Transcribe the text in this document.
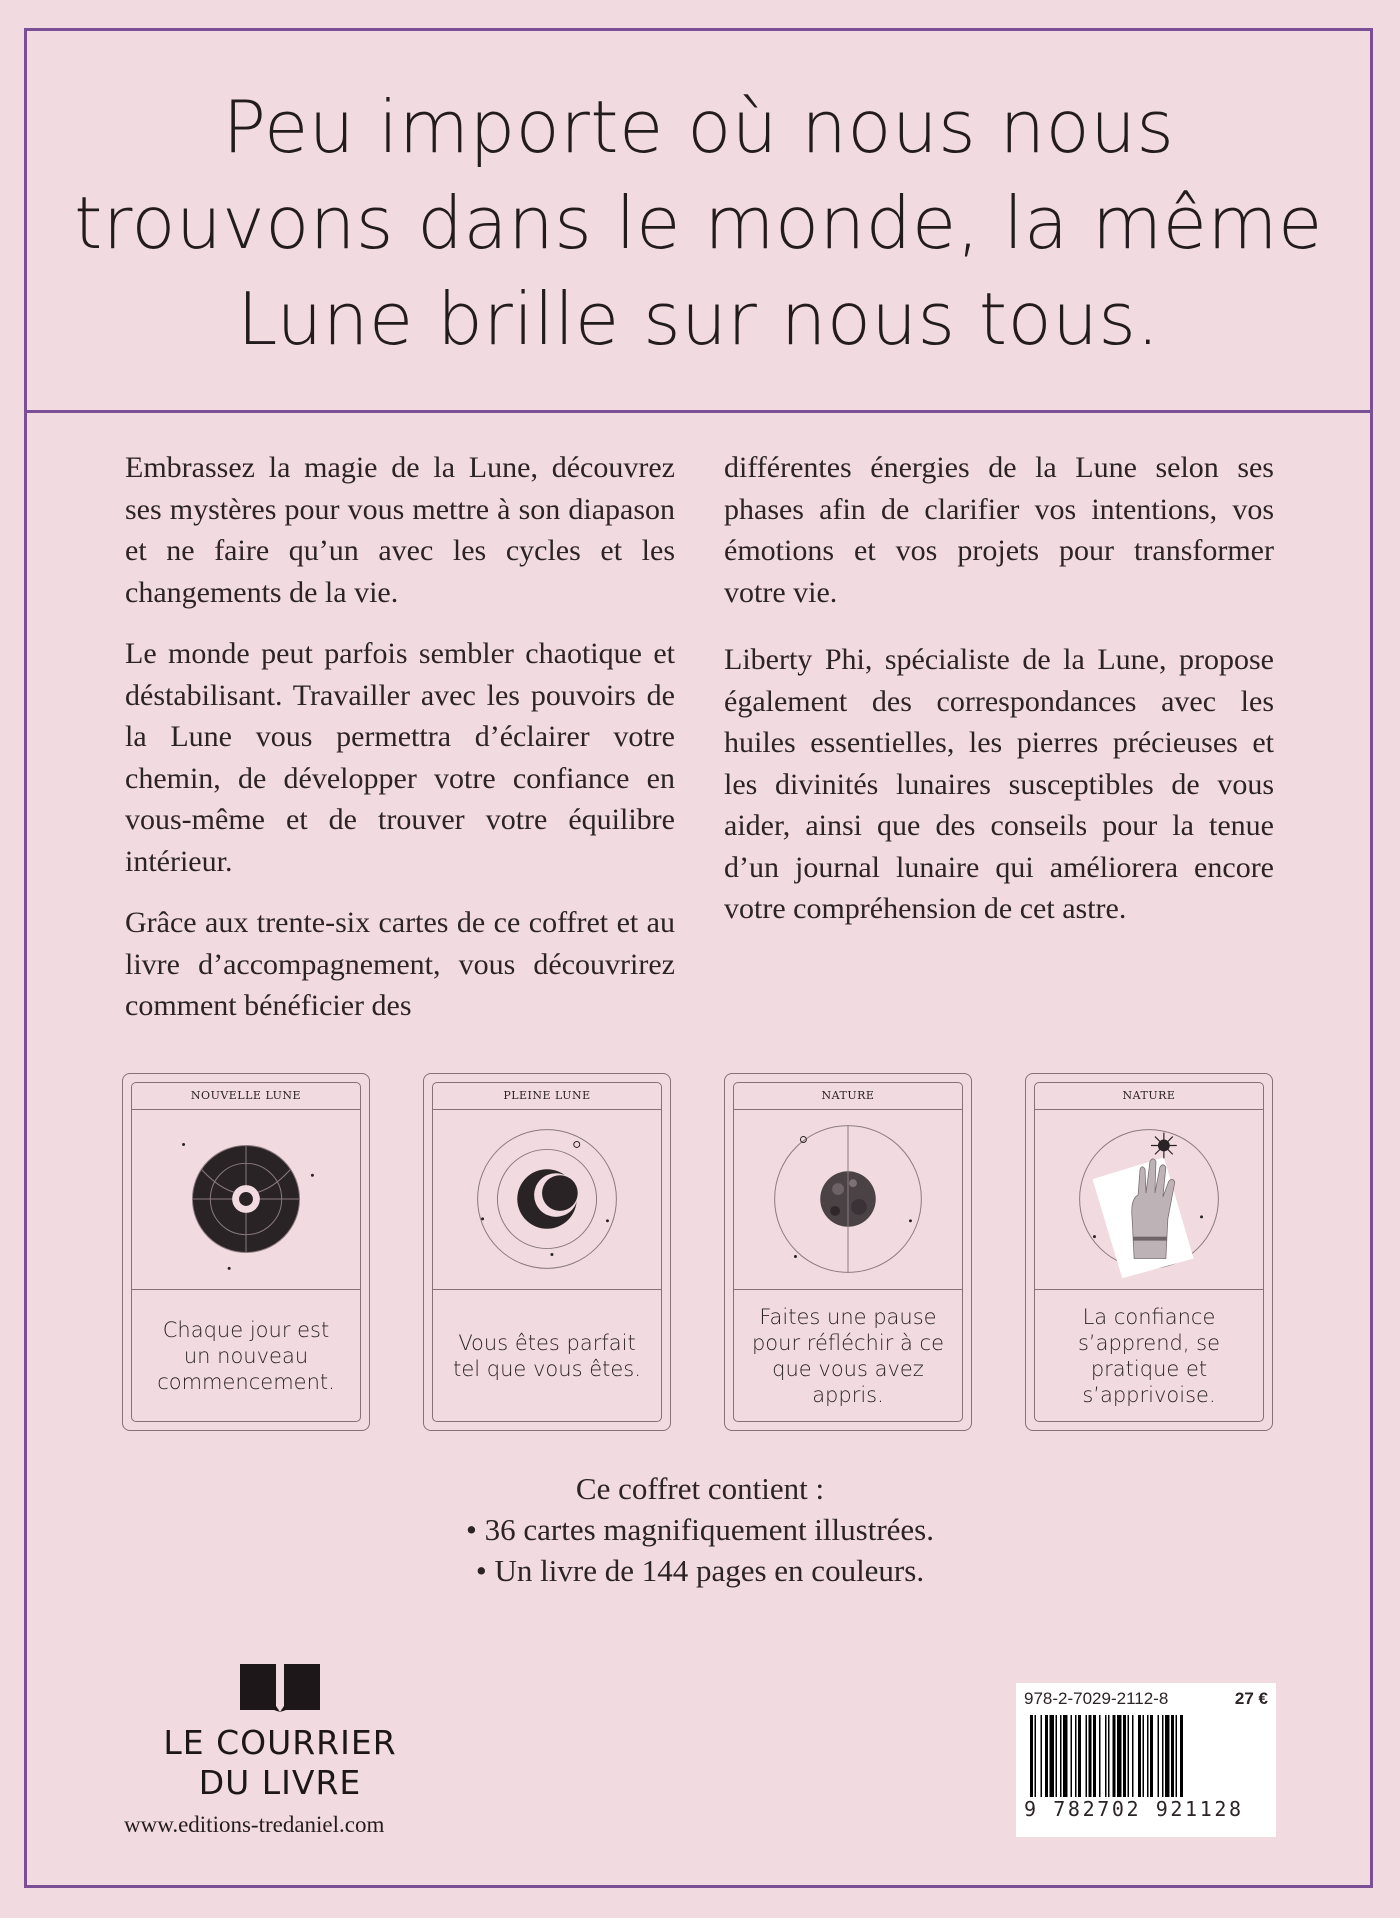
Peu importe où nous nous
trouvons dans le monde, la même
Lune brille sur nous tous.

Embrassez la magie de la Lune, découvrez ses mystères pour vous mettre à son diapason et ne faire qu’un avec les cycles et les changements de la vie.

Le monde peut parfois sembler chaotique et déstabilisant. Travailler avec les pouvoirs de la Lune vous permettra d’éclairer votre chemin, de développer votre confiance en vous-même et de trouver votre équilibre intérieur.

Grâce aux trente-six cartes de ce coffret et au livre d’accompagnement, vous découvrirez comment bénéficier des

différentes énergies de la Lune selon ses phases afin de clarifier vos intentions, vos émotions et vos projets pour transformer votre vie.

Liberty Phi, spécialiste de la Lune, propose également des correspondances avec les huiles essentielles, les pierres précieuses et les divinités lunaires susceptibles de vous aider, ainsi que des conseils pour la tenue d’un journal lunaire qui améliorera encore votre compréhension de cet astre.

NOUVELLE LUNE
Chaque jour est un nouveau commencement.
PLEINE LUNE
Vous êtes parfait tel que vous êtes.
NATURE
Faites une pause pour réfléchir à ce que vous avez appris.
NATURE
La confiance s’apprend, se pratique et s’apprivoise.
Ce coffret contient :
• 36 cartes magnifiquement illustrées.
• Un livre de 144 pages en couleurs.
LE COURRIER
DU LIVRE
www.editions-tredaniel.com
978-2-7029-2112-8	27 €
9 782702 921128
